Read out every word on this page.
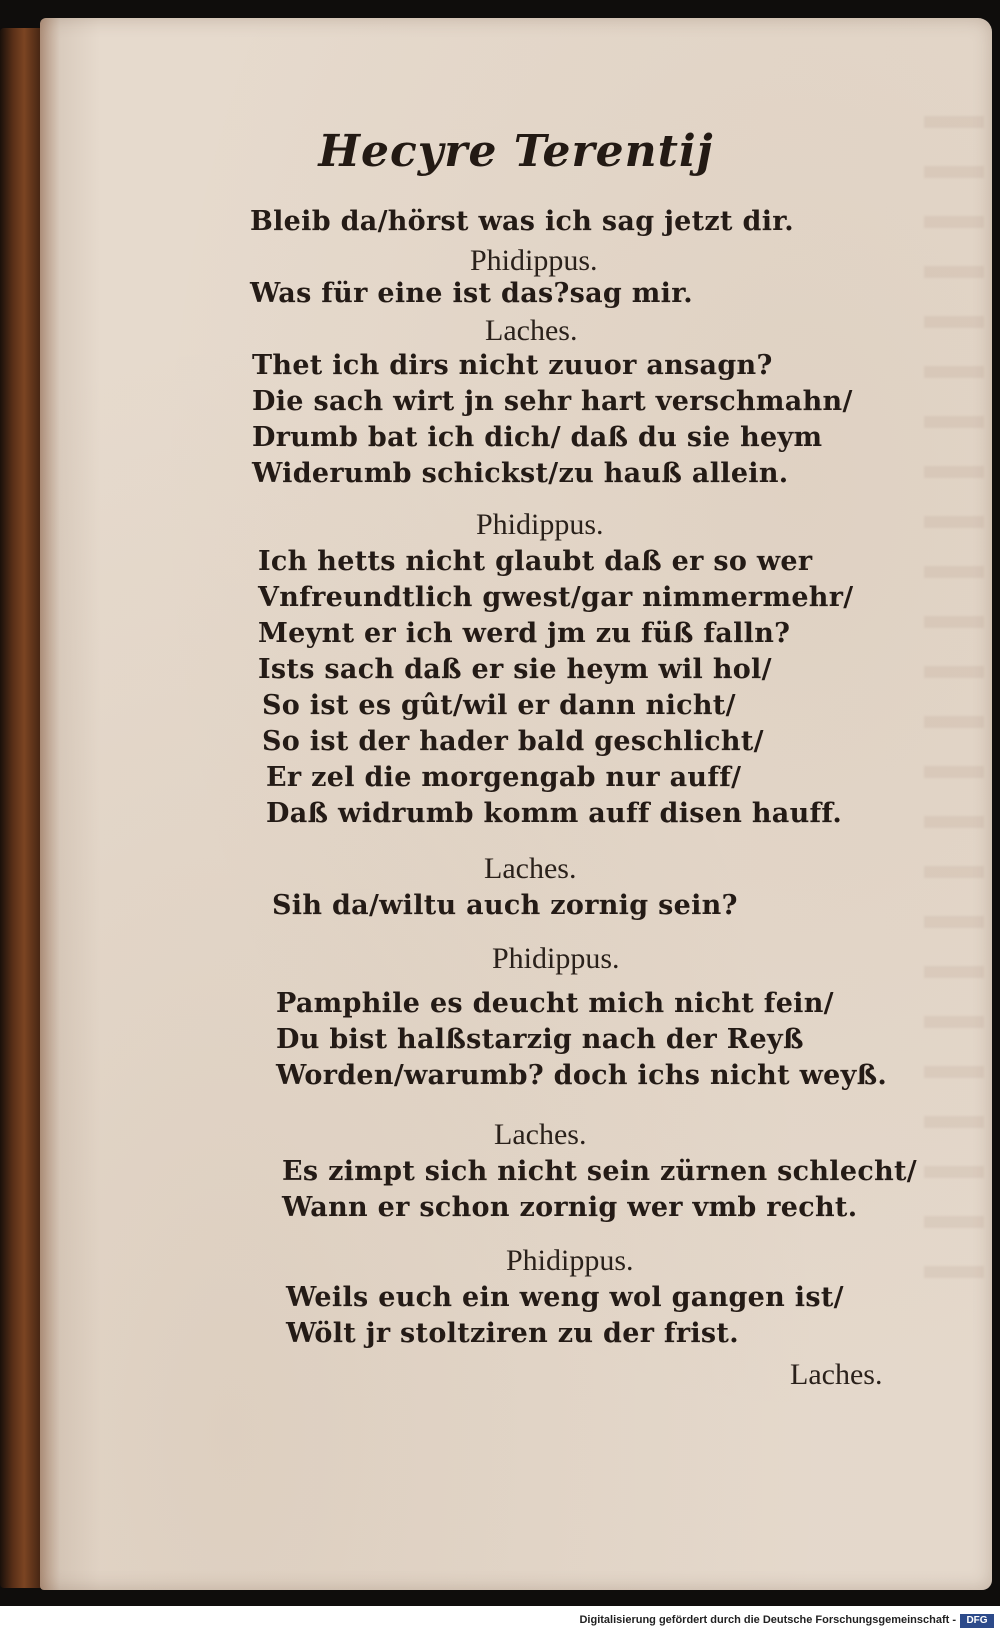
Hecyre Terentij
Bleib da/hörst was ich sag jetzt dir.
Phidippus.
Was für eine ist das?sag mir.
Laches.
Thet ich dirs nicht zuuor ansagn?
Die sach wirt jn sehr hart verschmahn/
Drumb bat ich dich/ daß du sie heym
Widerumb schickst/zu hauß allein.
Phidippus.
Ich hetts nicht glaubt daß er so wer
Vnfreundtlich gwest/gar nimmermehr/
Meynt er ich werd jm zu füß falln?
Ists sach daß er sie heym wil hol/
So ist es gût/wil er dann nicht/
So ist der hader bald geschlicht/
Er zel die morgengab nur auff/
Daß widrumb komm auff disen hauff.
Laches.
Sih da/wiltu auch zornig sein?
Phidippus.
Pamphile es deucht mich nicht fein/
Du bist halßstarzig nach der Reyß
Worden/warumb? doch ichs nicht weyß.
Laches.
Es zimpt sich nicht sein zürnen schlecht/
Wann er schon zornig wer vmb recht.
Phidippus.
Weils euch ein weng wol gangen ist/
Wölt jr stoltziren zu der frist.
Laches.
Digitalisierung gefördert durch die Deutsche Forschungsgemeinschaft -	DFG
